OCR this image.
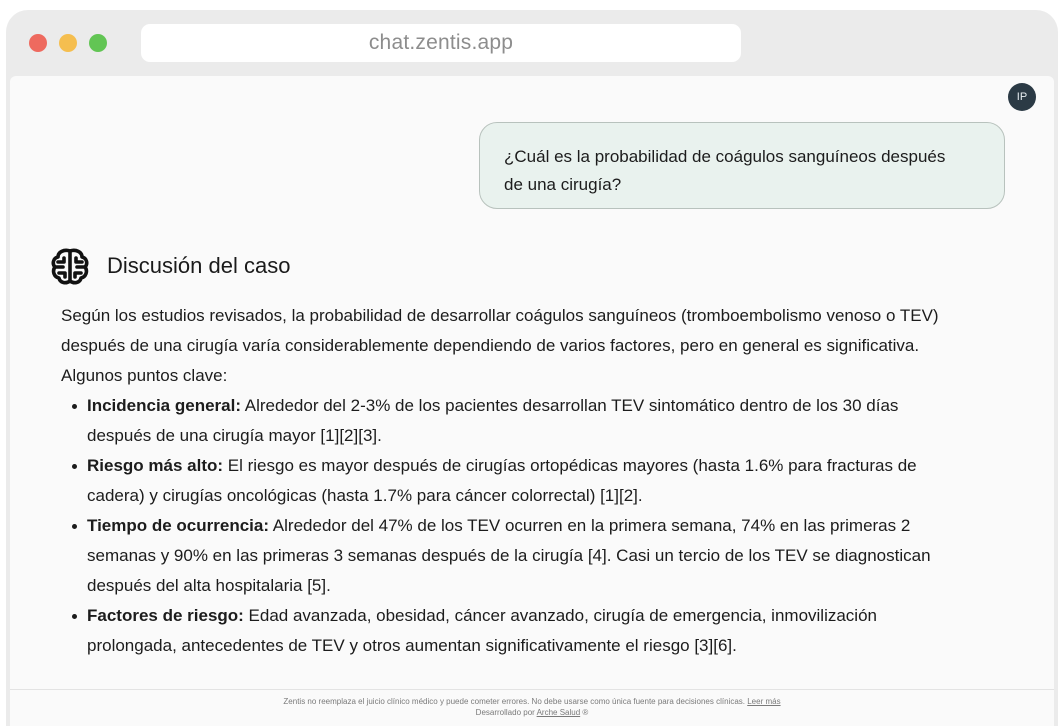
chat.zentis.app
IP
¿Cuál es la probabilidad de coágulos sanguíneos después
de una cirugía?
Discusión del caso

Según los estudios revisados, la probabilidad de desarrollar coágulos sanguíneos (tromboembolismo venoso o TEV) después de una cirugía varía considerablemente dependiendo de varios factores, pero en general es significativa. Algunos puntos clave:

Incidencia general: Alrededor del 2-3% de los pacientes desarrollan TEV sintomático dentro de los 30 días después de una cirugía mayor [1][2][3].
Riesgo más alto: El riesgo es mayor después de cirugías ortopédicas mayores (hasta 1.6% para fracturas de cadera) y cirugías oncológicas (hasta 1.7% para cáncer colorrectal) [1][2].
Tiempo de ocurrencia: Alrededor del 47% de los TEV ocurren en la primera semana, 74% en las primeras 2 semanas y 90% en las primeras 3 semanas después de la cirugía [4]. Casi un tercio de los TEV se diagnostican después del alta hospitalaria [5].
Factores de riesgo: Edad avanzada, obesidad, cáncer avanzado, cirugía de emergencia, inmovilización prolongada, antecedentes de TEV y otros aumentan significativamente el riesgo [3][6].
Zentis no reemplaza el juicio clínico médico y puede cometer errores. No debe usarse como única fuente para decisiones clínicas. Leer más
Desarrollado por Arche Salud ®
